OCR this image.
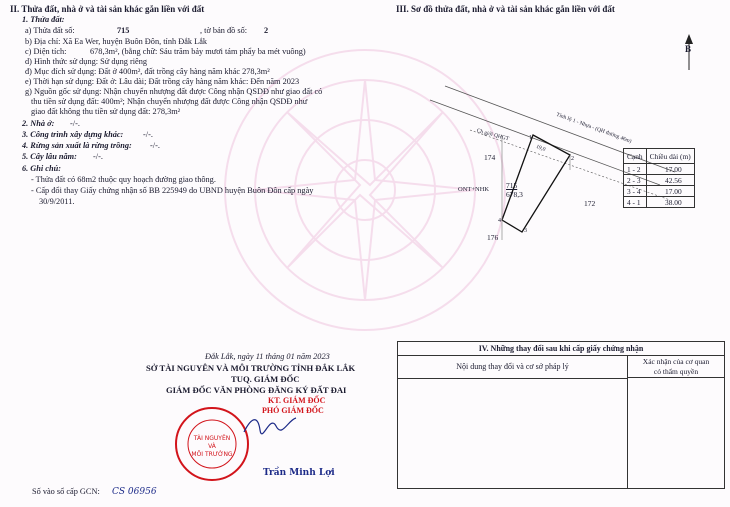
II. Thửa đất, nhà ở và tài sản khác gắn liền với đất
1. Thửa đất:
a) Thửa đất số:	715	, tờ bản đồ số: 2
b) Địa chỉ: Xã Ea Wer, huyện Buôn Đôn, tỉnh Đắk Lắk
c) Diện tích:	678,3m², (bằng chữ: Sáu trăm bảy mươi tám phẩy ba mét vuông)
d) Hình thức sử dụng: Sử dụng riêng
đ) Mục đích sử dụng: Đất ở 400m², đất trồng cây hàng năm khác 278,3m²
e) Thời hạn sử dụng: Đất ở: Lâu dài; Đất trồng cây hàng năm khác: Đến năm 2023
g) Nguồn gốc sử dụng: Nhận chuyển nhượng đất được Công nhận QSDĐ như giao đất có
thu tiền sử dụng đất: 400m²; Nhận chuyển nhượng đất được Công nhận QSDĐ như
giao đất không thu tiền sử dụng đất: 278,3m²
2. Nhà ở: -/-.
3. Công trình xây dựng khác: -/-.
4. Rừng sản xuất là rừng trồng: -/-.
5. Cây lâu năm: -/-.
6. Ghi chú:
- Thửa đất có 68m2 thuộc quy hoạch đường giao thông.
- Cấp đổi thay Giấy chứng nhận số BB 225949 do UBND huyện Buôn Đôn cấp ngày
30/9/2011.
III. Sơ đồ thửa đất, nhà ở và tài sản khác gắn liền với đất
B
Tỉnh lộ 1 - Nhựa - (QH đường 46m)
Ch giới QHGT
19,0
174
172
176
715
678,3
ONT+NHK
1
2
3
4
Cạnh	Chiều dài (m)
1 - 2	17.00
2 - 3	42.56
3 - 4	17.00
4 - 1	38.00
Đắk Lắk, ngày 11 tháng 01 năm 2023
SỞ TÀI NGUYÊN VÀ MÔI TRƯỜNG TỈNH ĐẮK LẮK
TUQ. GIÁM ĐỐC
GIÁM ĐỐC VĂN PHÒNG ĐĂNG KÝ ĐẤT ĐAI
KT. GIÁM ĐỐC
PHÓ GIÁM ĐỐC
TÀI NGUYÊN
VÀ
MÔI TRƯỜNG
Trần Minh Lợi
Số vào sổ cấp GCN: CS 06956
IV. Những thay đổi sau khi cấp giấy chứng nhận
Nội dung thay đổi và cơ sở pháp lý
Xác nhận của cơ quan
có thẩm quyền
